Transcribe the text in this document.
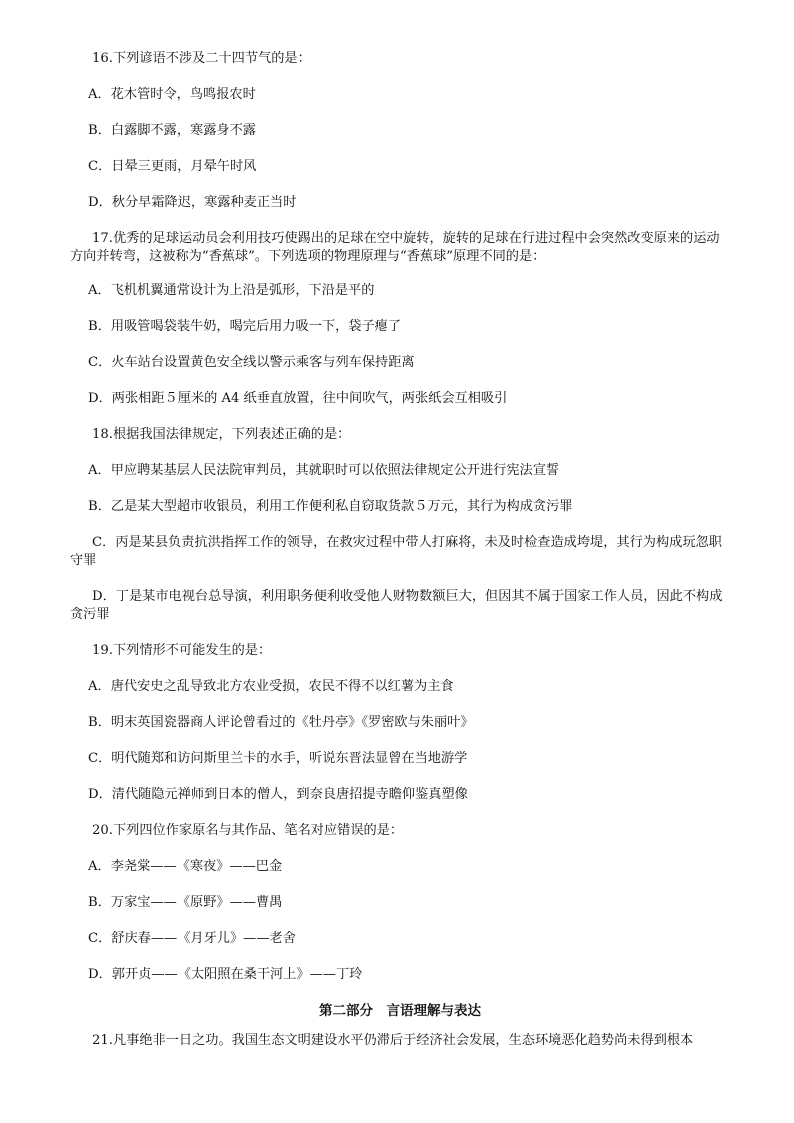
16.下列谚语不涉及二十四节气的是：

A．花木管时令，鸟鸣报农时

B．白露脚不露，寒露身不露

C．日晕三更雨，月晕午时风

D．秋分早霜降迟，寒露种麦正当时

17.优秀的足球运动员会利用技巧使踢出的足球在空中旋转，旋转的足球在行进过程中会突然改变原来的运动方向并转弯，这被称为“香蕉球”。下列选项的物理原理与“香蕉球”原理不同的是：

A．飞机机翼通常设计为上沿是弧形，下沿是平的

B．用吸管喝袋装牛奶，喝完后用力吸一下，袋子瘪了

C．火车站台设置黄色安全线以警示乘客与列车保持距离

D．两张相距５厘米的 A4 纸垂直放置，往中间吹气，两张纸会互相吸引

18.根据我国法律规定，下列表述正确的是：

A．甲应聘某基层人民法院审判员，其就职时可以依照法律规定公开进行宪法宣誓

B．乙是某大型超市收银员，利用工作便利私自窃取货款５万元，其行为构成贪污罪

C．丙是某县负责抗洪指挥工作的领导，在救灾过程中带人打麻将，未及时检查造成垮堤，其行为构成玩忽职守罪

D．丁是某市电视台总导演，利用职务便利收受他人财物数额巨大，但因其不属于国家工作人员，因此不构成贪污罪

19.下列情形不可能发生的是：

A．唐代安史之乱导致北方农业受损，农民不得不以红薯为主食

B．明末英国瓷器商人评论曾看过的《牡丹亭》《罗密欧与朱丽叶》

C．明代随郑和访问斯里兰卡的水手，听说东晋法显曾在当地游学

D．清代随隐元禅师到日本的僧人，到奈良唐招提寺瞻仰鉴真塑像

20.下列四位作家原名与其作品、笔名对应错误的是：

A．李尧棠——《寒夜》——巴金

B．万家宝——《原野》——曹禺

C．舒庆春——《月牙儿》——老舍

D．郭开贞——《太阳照在桑干河上》——丁玲

第二部分　言语理解与表达

21.凡事绝非一日之功。我国生态文明建设水平仍滞后于经济社会发展，生态环境恶化趋势尚未得到根本
